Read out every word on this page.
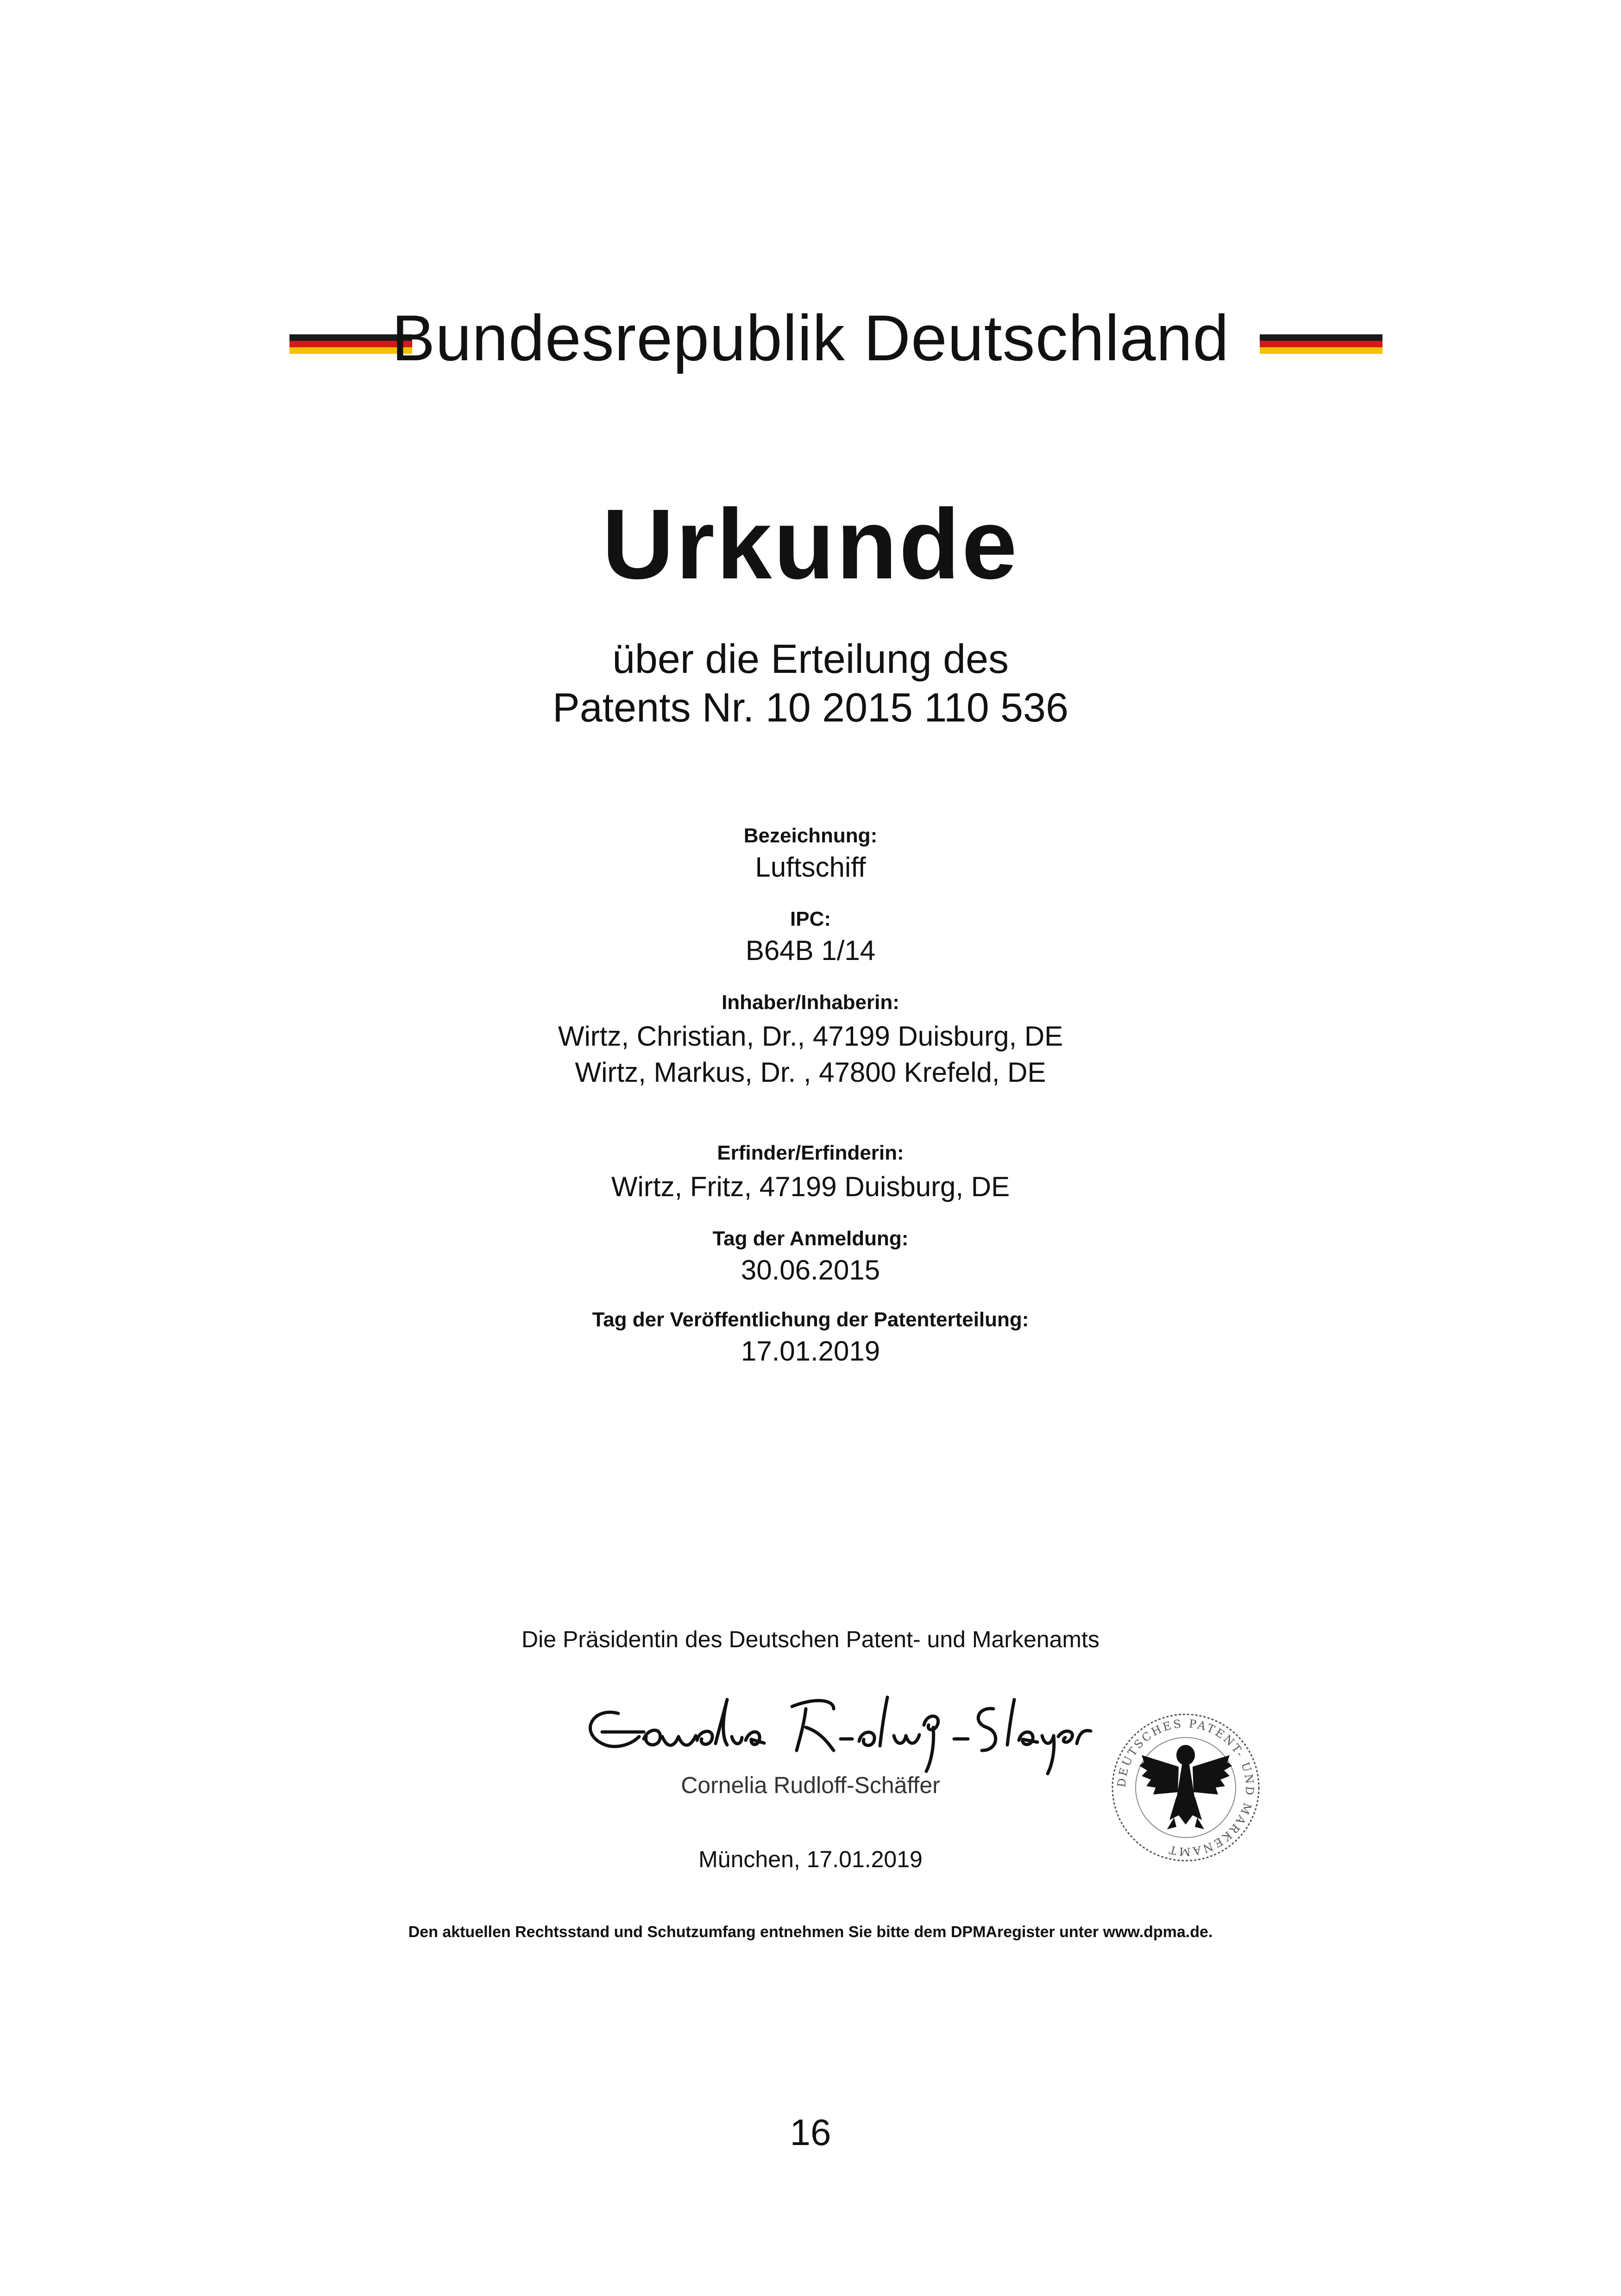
Bundesrepublik Deutschland
Urkunde
über die Erteilung des
Patents Nr. 10 2015 110 536
Bezeichnung:
Luftschiff
IPC:
B64B 1/14
Inhaber/Inhaberin:
Wirtz, Christian, Dr., 47199 Duisburg, DE
Wirtz, Markus, Dr. , 47800 Krefeld, DE
Erfinder/Erfinderin:
Wirtz, Fritz, 47199 Duisburg, DE
Tag der Anmeldung:
30.06.2015
Tag der Veröffentlichung der Patenterteilung:
17.01.2019
Die Präsidentin des Deutschen Patent- und Markenamts
Cornelia Rudloff-Schäffer
München, 17.01.2019
DEUTSCHES PATENT- UND MARKENAMT
Den aktuellen Rechtsstand und Schutzumfang entnehmen Sie bitte dem DPMAregister unter www.dpma.de.
16
